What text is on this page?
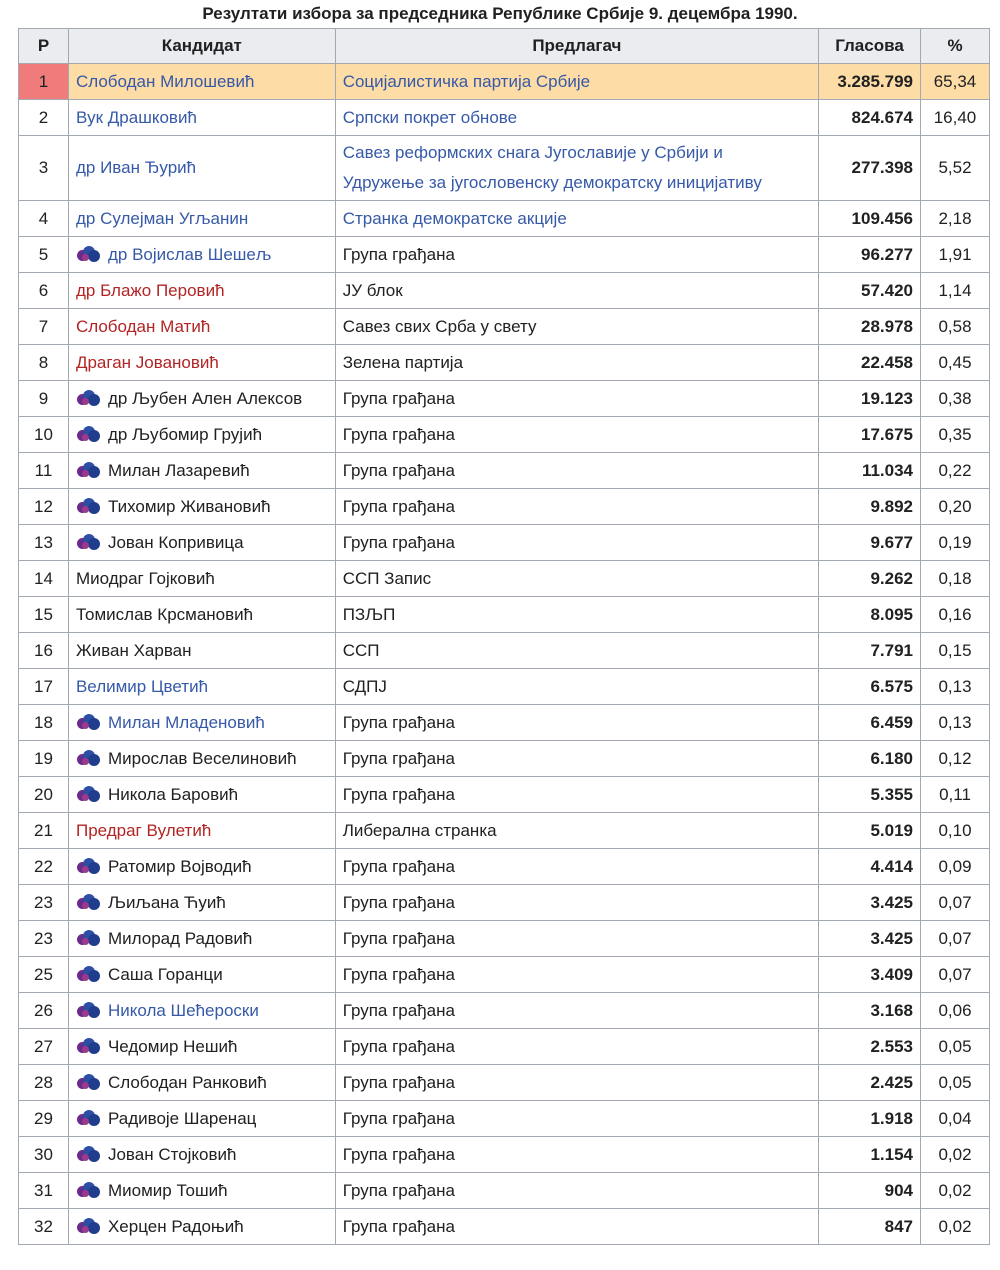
Резултати избора за председника Републике Србије 9. децембра 1990.
Р	Кандидат	Предлагач	Гласова	%
1	Слободан Милошевић	Социјалистичка партија Србије	3.285.799	65,34
2	Вук Драшковић	Српски покрет обнове	824.674	16,40
3	др Иван Ђурић	Савез реформских снага Југославије у Србији и
Удружење за југословенску демократску иницијативу	277.398	5,52
4	др Сулејман Угљанин	Странка демократске акције	109.456	2,18
5	др Војислав Шешељ	Група грађана	96.277	1,91
6	др Блажо Перовић	ЈУ блок	57.420	1,14
7	Слободан Матић	Савез свих Срба у свету	28.978	0,58
8	Драган Јовановић	Зелена партија	22.458	0,45
9	др Љубен Ален Алексов	Група грађана	19.123	0,38
10	др Љубомир Грујић	Група грађана	17.675	0,35
11	Милан Лазаревић	Група грађана	11.034	0,22
12	Тихомир Живановић	Група грађана	9.892	0,20
13	Јован Копривица	Група грађана	9.677	0,19
14	Миодраг Гојковић	ССП Запис	9.262	0,18
15	Томислав Крсмановић	ПЗЉП	8.095	0,16
16	Живан Харван	ССП	7.791	0,15
17	Велимир Цветић	СДПЈ	6.575	0,13
18	Милан Младеновић	Група грађана	6.459	0,13
19	Мирослав Веселиновић	Група грађана	6.180	0,12
20	Никола Баровић	Група грађана	5.355	0,11
21	Предраг Вулетић	Либерална странка	5.019	0,10
22	Ратомир Војводић	Група грађана	4.414	0,09
23	Љиљана Ћуић	Група грађана	3.425	0,07
23	Милорад Радовић	Група грађана	3.425	0,07
25	Саша Горанци	Група грађана	3.409	0,07
26	Никола Шећероски	Група грађана	3.168	0,06
27	Чедомир Нешић	Група грађана	2.553	0,05
28	Слободан Ранковић	Група грађана	2.425	0,05
29	Радивоје Шаренац	Група грађана	1.918	0,04
30	Јован Стојковић	Група грађана	1.154	0,02
31	Миомир Тошић	Група грађана	904	0,02
32	Херцен Радоњић	Група грађана	847	0,02
